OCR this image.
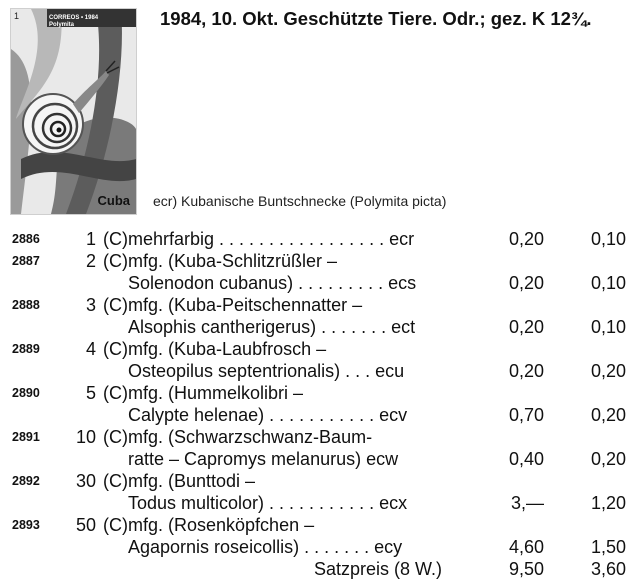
1	CORREOS • 1984
Polymita
Cuba
1984, 10. Okt. Geschützte Tiere. Odr.; gez. K 12¾.
ecr) Kubanische Buntschnecke (Polymita picta)
2886	1 (C) mehrfarbig . . . . . . . . . . . . . . . . . ecr	0,20	0,10
2887	2 (C) mfg. (Kuba-Schlitzrüßler –
Solenodon cubanus) . . . . . . . . . ecs	0,20	0,10
2888	3 (C) mfg. (Kuba-Peitschennatter –
Alsophis cantherigerus) . . . . . . . ect	0,20	0,10
2889	4 (C) mfg. (Kuba-Laubfrosch –
Osteopilus septentrionalis) . . . ecu	0,20	0,20
2890	5 (C) mfg. (Hummelkolibri –
Calypte helenae) . . . . . . . . . . . ecv	0,70	0,20
2891	10 (C) mfg. (Schwarzschwanz-Baum-
ratte – Capromys melanurus) ecw	0,40	0,20
2892	30 (C) mfg. (Bunttodi –
Todus multicolor) . . . . . . . . . . . ecx	3,—	1,20
2893	50 (C) mfg. (Rosenköpfchen –
Agapornis roseicollis) . . . . . . . ecy	4,60	1,50
Satzpreis (8 W.)	9,50	3,60
